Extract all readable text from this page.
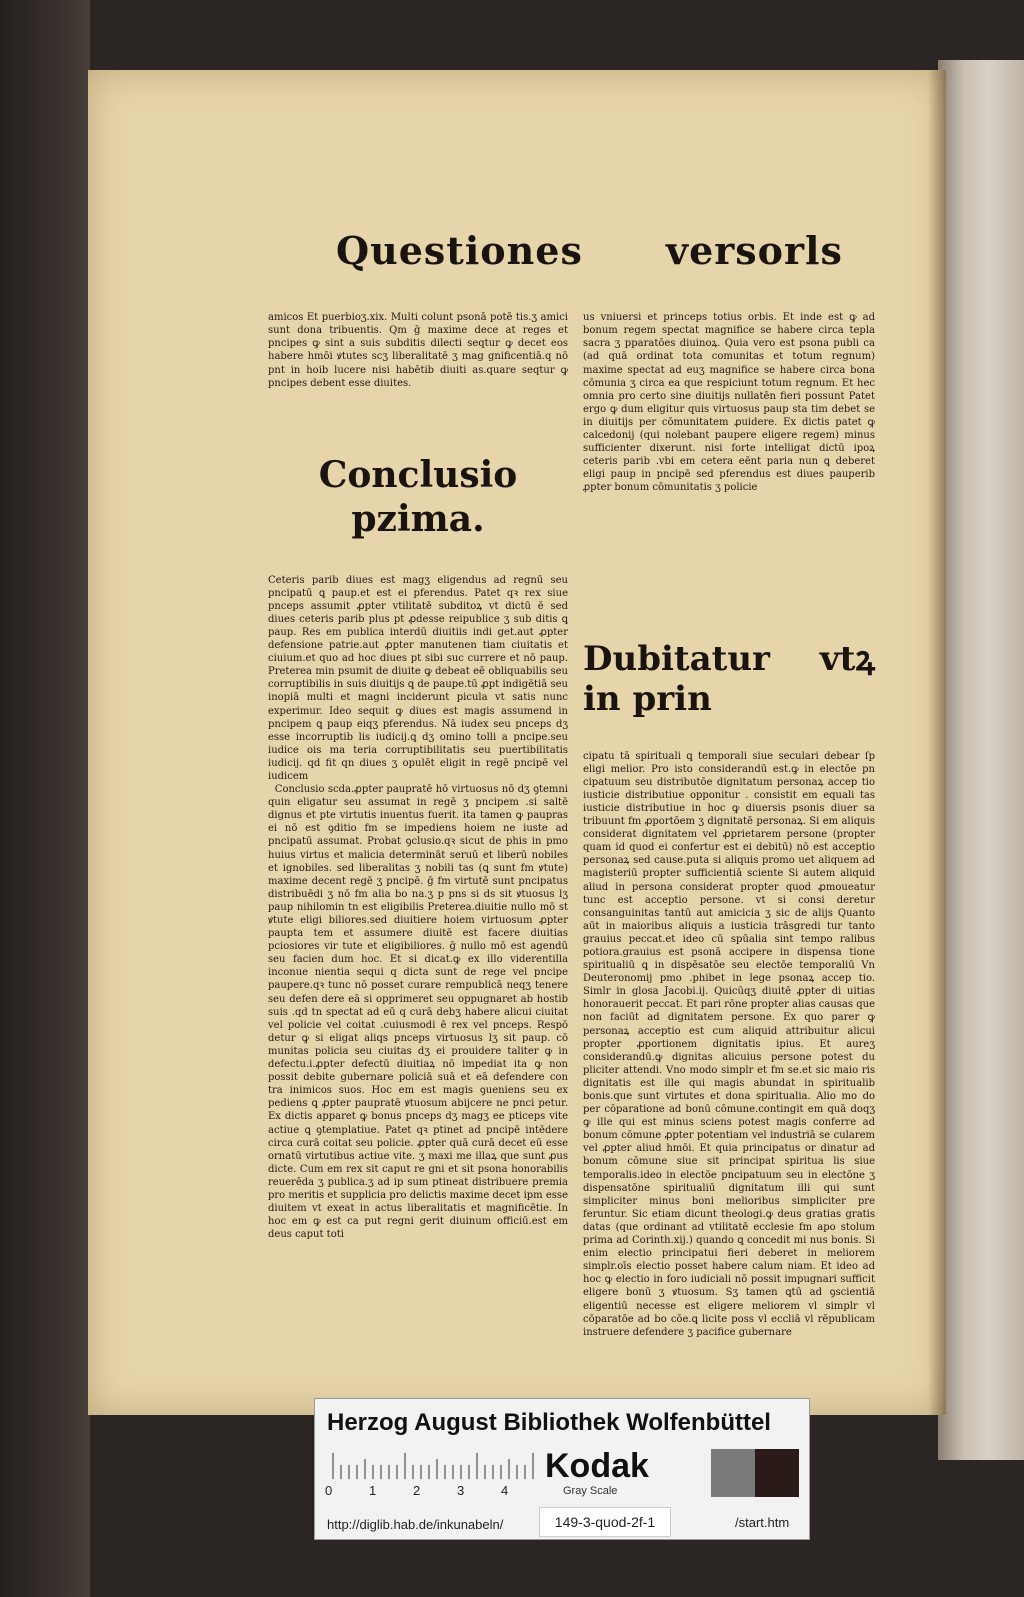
Questiones versorls

amicos Et puerbioʒ.xix. Multi colunt psonā potē tis.ʒ amici sunt dona tribuentis. Qm ḡ maxime dece at reges et pncipes ꝙ sint a suis subditis dilecti seqtur ꝙ decet eos habere hmōi ꝟtutes scʒ liberalitatē ʒ mag gnificentiā.q nō pnt in hoib lucere nisi habētib diuiti as.quare seqtur ꝙ pncipes debent esse diuites.

Conclusio pzima.

Ceteris parib diues est magʒ eligendus ad regnū seu pncipatū ꝗ paup.et est ei pferendus. Patet qꝛ rex siue pnceps assumit ꝓpter vtilitatē subditoꝝ vt dictū ē sed diues ceteris parib plus pt ꝓdesse reipublice ʒ sub ditis ꝗ paup. Res em publica interdū diuitiis indi get.aut ꝓpter defensione patrie.aut ꝓpter manutenen tiam ciuitatis et ciuium.et quo ad hoc diues pt sibi suc currere et nō paup. Preterea min psumit de diuite ꝙ debeat eē obliquabilis seu corruptibilis in suis diuitijs ꝗ de paupe.tū ꝓpt indigētiā seu inopiā multi et magni inciderunt picula vt satis nunc experimur. Ideo sequit ꝙ diues est magis assumend in pncipem ꝗ paup eiqʒ pferendus. Nā iudex seu pnceps dʒ esse incorruptib lis iudicij.ꝗ dʒ omino tolli a pncipe.seu iudice ois ma teria corruptibilitatis seu puertibilitatis iudicij. qd fit qn diues ʒ opulēt eligit in regē pncipē vel iudicem
Conclusio scda.ꝓpter paupratē hō virtuosus nō dʒ ꝯtemni quin eligatur seu assumat in regē ʒ pncipem .si saltē dignus et pte virtutis inuentus fuerit. ita tamen ꝙ paupras ei nō est ꝯditio fm se impediens hoiem ne iuste ad pncipatū assumat. Probat ꝯclusio.qꝛ sicut de phis in pmo huius virtus et malicia determināt seruū et liberū nobiles et ignobiles. sed liberalitas ʒ nobili tas (ꝗ sunt fm ꝟtute) maxime decent regē ʒ pncipē. ḡ fm virtutē sunt pncipatus distribuēdi ʒ nō fm alia bo na.ʒ p pns si ds sit ꝟtuosus lʒ paup nihilomin tn est eligibilis Preterea.diuitie nullo mō st ꝟtute eligi biliores.sed diuitiere hoiem virtuosum ꝓpter paupta tem et assumere diuitē est facere diuitias pciosiores vir tute et eligibiliores. ḡ nullo mō est agendū seu facien dum hoc. Et si dicat.ꝙ ex illo viderentilla inconue nientia sequi q dicta sunt de rege vel pncipe paupere.qꝛ tunc nō posset curare rempublicā neqʒ tenere seu defen dere eā si opprimeret seu oppugnaret ab hostib suis .qd tn spectat ad eū q curā debʒ habere alicui ciuitat vel policie vel coitat .cuiusmodi ē rex vel pnceps. Respō detur ꝙ si eligat aliqs pnceps virtuosus lʒ sit paup. cō munitas policia seu ciuitas dʒ ei prouidere taliter ꝙ in defectu.i.ꝓpter defectū diuitiaꝝ nō impediat ita ꝙ non possit debite gubernare policiā suā et eā defendere con tra inimicos suos. Hoc em est magis ꝯueniens seu ex pediens ꝗ ꝓpter paupratē ꝟtuosum abijcere ne pnci petur. Ex dictis apparet ꝙ bonus pnceps dʒ magʒ ee pticeps vite actiue ꝗ ꝯtemplatiue. Patet qꝛ ptinet ad pncipē intēdere circa curā coitat seu policie. ꝓpter quā curā decet eū esse ornatū virtutibus actiue vite. ʒ maxi me illaꝝ que sunt ꝓus dicte. Cum em rex sit caput re gni et sit psona honorabilis reuerēda ʒ publica.ʒ ad ip sum ptineat distribuere premia pro meritis et supplicia pro delictis maxime decet ipm esse diuitem vt exeat in actus liberalitatis et magnificētie. In hoc em ꝙ est ca put regni gerit diuinum officiū.est em deus caput toti

us vniuersi et princeps totius orbis. Et inde est ꝙ ad bonum regem spectat magnifice se habere circa tepla sacra ʒ pparatōes diuinoꝝ. Quia vero est psona publi ca (ad quā ordinat tota comunitas et totum regnum) maxime spectat ad euʒ magnifice se habere circa bona cōmunia ʒ circa ea que respiciunt totum regnum. Et hec omnia pro certo sine diuitijs nullatēn fieri possunt Patet ergo ꝙ dum eligitur quis virtuosus paup sta tim debet se in diuitijs per cōmunitatem ꝓuidere. Ex dictis patet ꝙ calcedonij (qui nolebant paupere eligere regem) minus sufficienter dixerunt. nisi forte intelligat dictū ipoꝝ ceteris parib .vbi em cetera eēnt paria nun ꝗ deberet eligi paup in pncipē sed pferendus est diues pauperib ꝓpter bonum cōmunitatis ʒ policie

Dubitatur vtꝝ in prin

cipatu tā spirituali ꝗ temporali siue seculari debear ſp eligi melior. Pro isto considerandū est.ꝙ in electōe pn cipatuum seu distributōe dignitatum personaꝝ accep tio iusticie distributiue opponitur . consistit em equali tas iusticie distributiue in hoc ꝙ diuersis psonis diuer sa tribuunt fm ꝓportōem ʒ dignitatē personaꝝ. Si em aliquis considerat dignitatem vel ꝓprietarem persone (propter quam id quod ei confertur est ei debitū) nō est acceptio personaꝝ sed cause.puta si aliquis promo uet aliquem ad magisteriū propter sufficientiā sciente Si autem aliquid aliud in persona considerat propter quod ꝓmoueatur tunc est acceptio persone. vt si consi deretur consanguinitas tantū aut amicicia ʒ sic de alijs Quanto aūt in maioribus aliquis a iusticia trāsgredi tur tanto grauius peccat.et ideo cū spūalia sint tempo ralibus potiora.grauius est psonā accipere in dispensa tione spiritualiū ꝗ in dispēsatōe seu electōe temporaliū Vn Deuteronomij pmo .phibet in lege psonaꝝ accep tio. Simlr in glosa Jacobi.ij. Quicūqʒ diuitē ꝓpter di uitias honorauerit peccat. Et pari rōne propter alias causas que non faciūt ad dignitatem persone. Ex quo parer ꝙ personaꝝ acceptio est cum aliquid attribuitur alicui propter ꝓportionem dignitatis ipius. Et aureʒ considerandū.ꝙ dignitas alicuius persone potest du pliciter attendi. Vno modo simplr et fm se.et sic maio ris dignitatis est ille qui magis abundat in spiritualib bonis.que sunt virtutes et dona spiritualia. Alio mo do per cōparatione ad bonū cōmune.contingit em quā doqʒ ꝙ ille qui est minus sciens potest magis conferre ad bonum cōmune ꝓpter potentiam vel industriā se cularem vel ꝓpter aliud hmōi. Et quia principatus or dinatur ad bonum cōmune siue sit principat spiritua lis siue temporalis.ideo in electōe pncipatuum seu in electōne ʒ dispensatōne spiritualiū dignitatum illi qui sunt simpliciter minus boni melioribus simpliciter pre feruntur. Sic etiam dicunt theologi.ꝙ deus gratias gratis datas (que ordinant ad vtilitatē ecclesie fm apo stolum prima ad Corinth.xij.) quando ꝗ concedit mi nus bonis. Si enim electio principatui fieri deberet in meliorem simplr.oīs electio posset habere calum niam. Et ideo ad hoc ꝙ electio in foro iudiciali nō possit impugnari sufficit eligere bonū ʒ ꝟtuosum. Sʒ tamen ꝗtū ad ꝯscientiā eligentiū necesse est eligere meliorem vl simplr vl cōparatōe ad bo cōe.ꝗ licite poss vl eccliā vl rēpublicam instruere defendere ʒ pacifice gubernare

Herzog August Bibliothek Wolfenbüttel
0	1	2	3	4
Kodak
Gray Scale
http://diglib.hab.de/inkunabeln/	149-3-quod-2f-1	/start.htm
